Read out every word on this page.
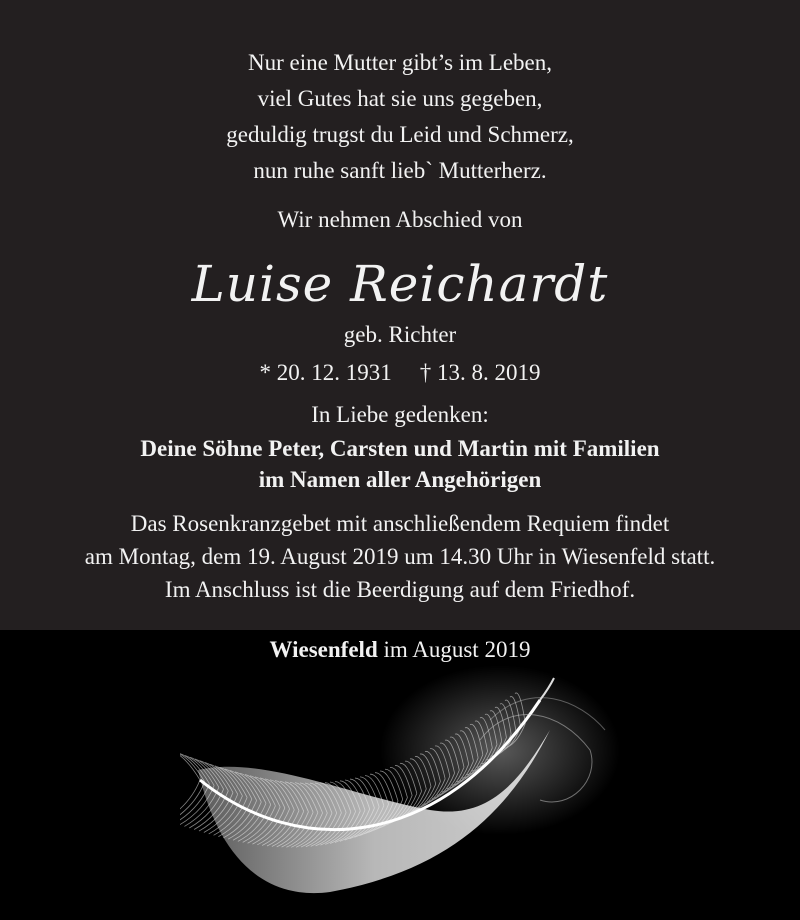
Nur eine Mutter gibt’s im Leben,
viel Gutes hat sie uns gegeben,
geduldig trugst du Leid und Schmerz,
nun ruhe sanft lieb` Mutterherz.
Wir nehmen Abschied von
Luise Reichardt
geb. Richter
* 20. 12. 1931 † 13. 8. 2019
In Liebe gedenken:
Deine Söhne Peter, Carsten und Martin mit Familien
im Namen aller Angehörigen
Das Rosenkranzgebet mit anschließendem Requiem findet
am Montag, dem 19. August 2019 um 14.30 Uhr in Wiesenfeld statt.
Im Anschluss ist die Beerdigung auf dem Friedhof.
Wiesenfeld im August 2019
